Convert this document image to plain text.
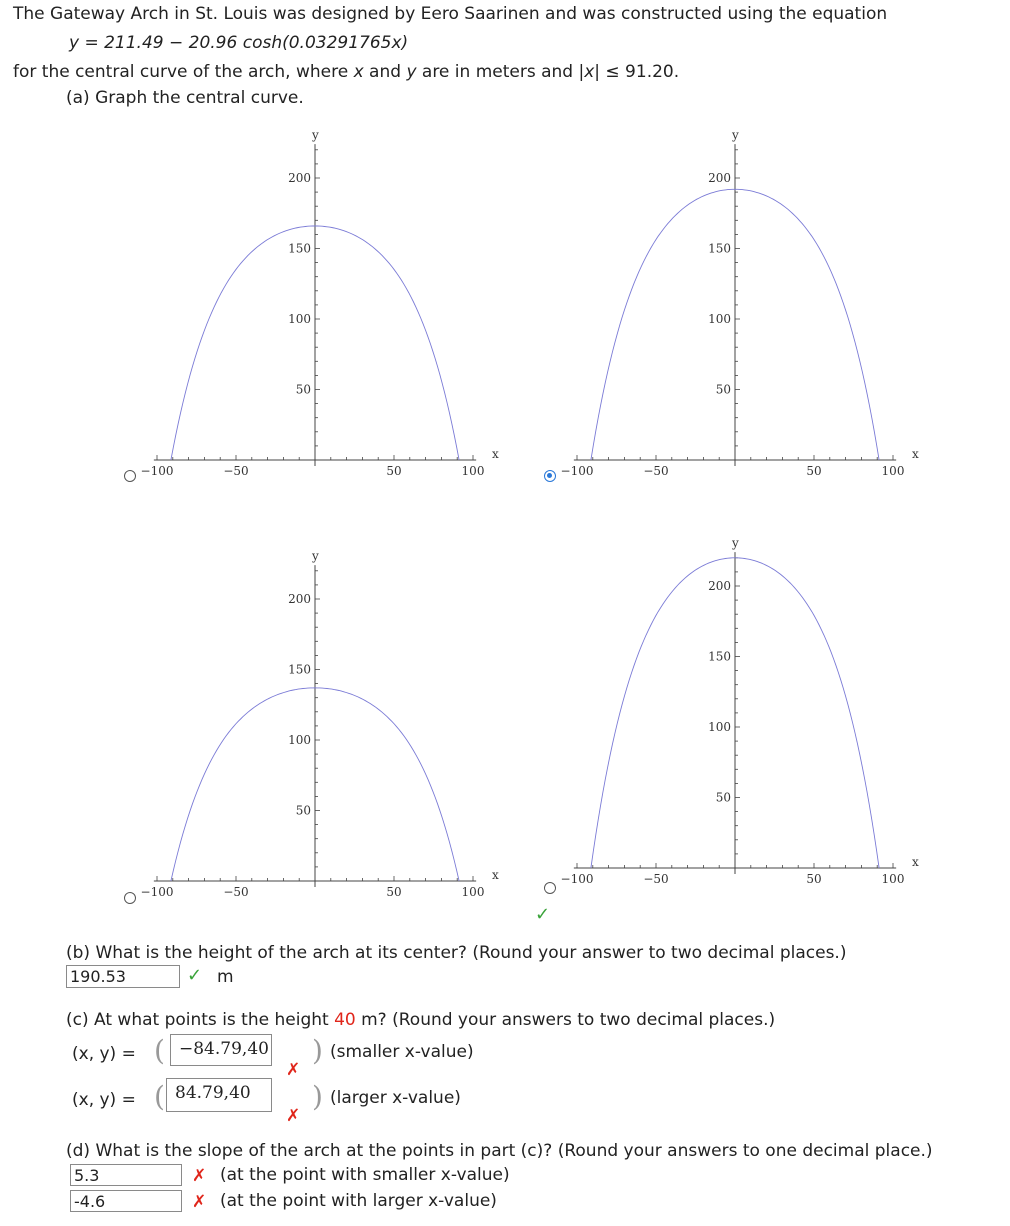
The Gateway Arch in St. Louis was designed by Eero Saarinen and was constructed using the equation
y = 211.49 − 20.96 cosh(0.03291765x)
for the central curve of the arch, where x and y are in meters and |x| ≤ 91.20.
(a) Graph the central curve.
−100	−50	50	100
50
100
150
200
x
y
−100	−50	50	100
50
100
150
200
x
y
−100	−50	50	100
50
100
150
200
x
y
−100	−50	50	100
50
100
150
200
x
y
✓
(b) What is the height of the arch at its center? (Round your answer to two decimal places.)
190.53	✓ m
(c) At what points is the height 40 m? (Round your answers to two decimal places.)
(x, y) = ( −84.79,40
✗
) (smaller x-value)
(x, y) = ( 84.79,40
✗
) (larger x-value)
(d) What is the slope of the arch at the points in part (c)? (Round your answers to one decimal place.)
5.3	✗ (at the point with smaller x-value)
-4.6	✗ (at the point with larger x-value)
